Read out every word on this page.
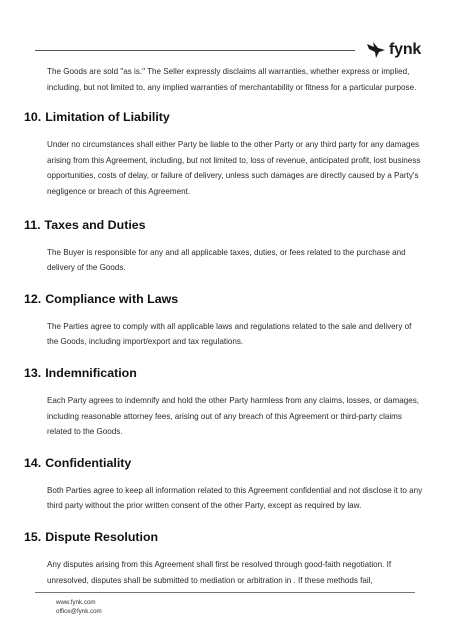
fynk

The Goods are sold "as is." The Seller expressly disclaims all warranties, whether express or implied, including, but not limited to, any implied warranties of merchantability or fitness for a particular purpose.

10. Limitation of Liability

Under no circumstances shall either Party be liable to the other Party or any third party for any damages arising from this Agreement, including, but not limited to, loss of revenue, anticipated profit, lost business opportunities, costs of delay, or failure of delivery, unless such damages are directly caused by a Party's negligence or breach of this Agreement.

11. Taxes and Duties

The Buyer is responsible for any and all applicable taxes, duties, or fees related to the purchase and delivery of the Goods.

12. Compliance with Laws

The Parties agree to comply with all applicable laws and regulations related to the sale and delivery of the Goods, including import/export and tax regulations.

13. Indemnification

Each Party agrees to indemnify and hold the other Party harmless from any claims, losses, or damages, including reasonable attorney fees, arising out of any breach of this Agreement or third-party claims related to the Goods.

14. Confidentiality

Both Parties agree to keep all information related to this Agreement confidential and not disclose it to any third party without the prior written consent of the other Party, except as required by law.

15. Dispute Resolution

Any disputes arising from this Agreement shall first be resolved through good-faith negotiation. If unresolved, disputes shall be submitted to mediation or arbitration in . If these methods fail,

www.fynk.com
office@fynk.com
